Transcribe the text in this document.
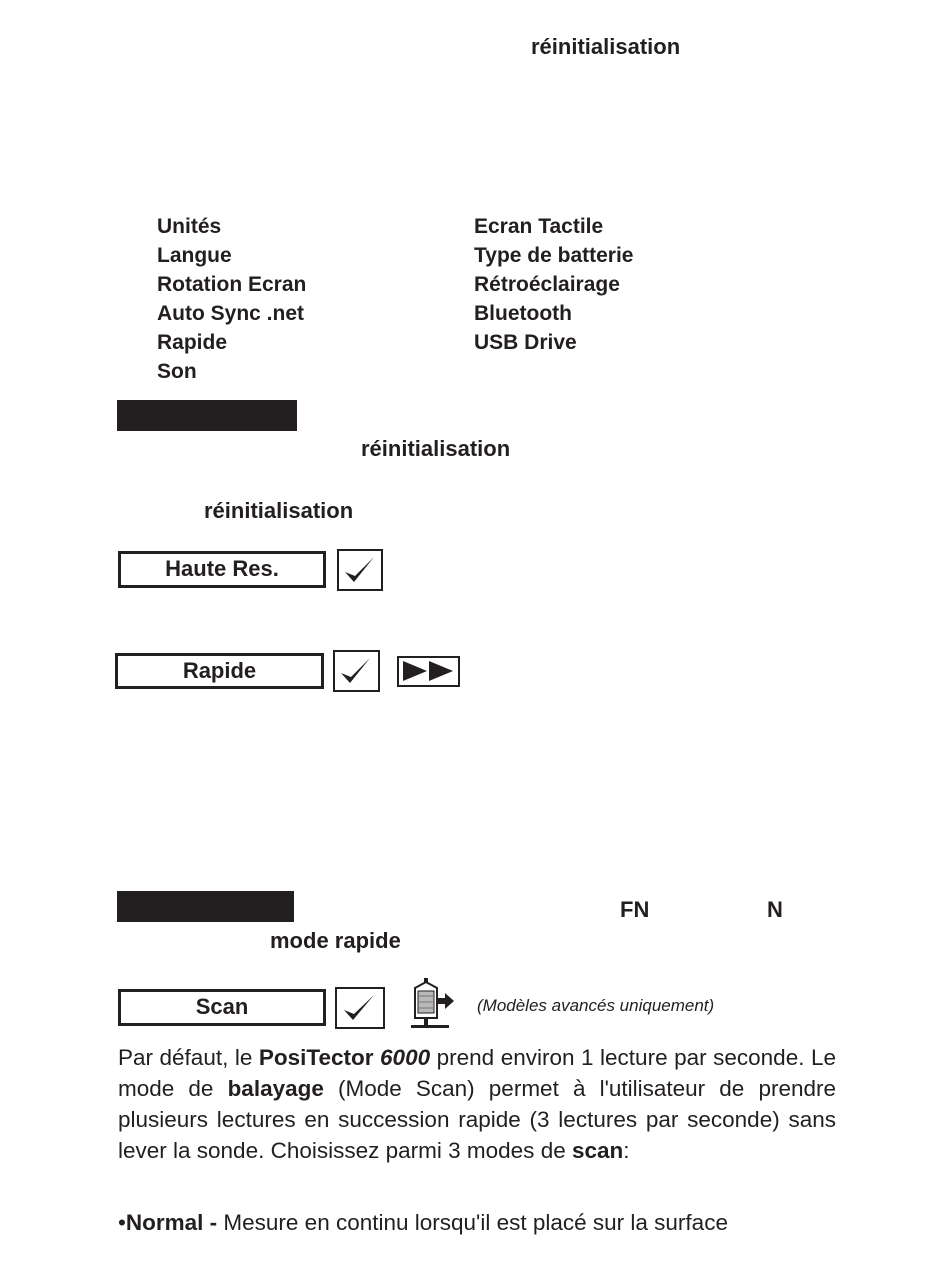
réinitialisation
Unités
Langue
Rotation Ecran
Auto Sync .net
Rapide
Son
Ecran Tactile
Type de batterie
Rétroéclairage
Bluetooth
USB Drive
réinitialisation
réinitialisation
Haute Res.
Rapide
FN	N
mode rapide
Scan	(Modèles avancés uniquement)
Par défaut, le PosiTector 6000 prend environ 1 lecture par seconde. Le mode de balayage (Mode Scan) permet à l'utilisateur de prendre plusieurs lectures en succession rapide (3 lectures par seconde) sans lever la sonde. Choisissez parmi 3 modes de scan:
•Normal - Mesure en continu lorsqu'il est placé sur la surface
